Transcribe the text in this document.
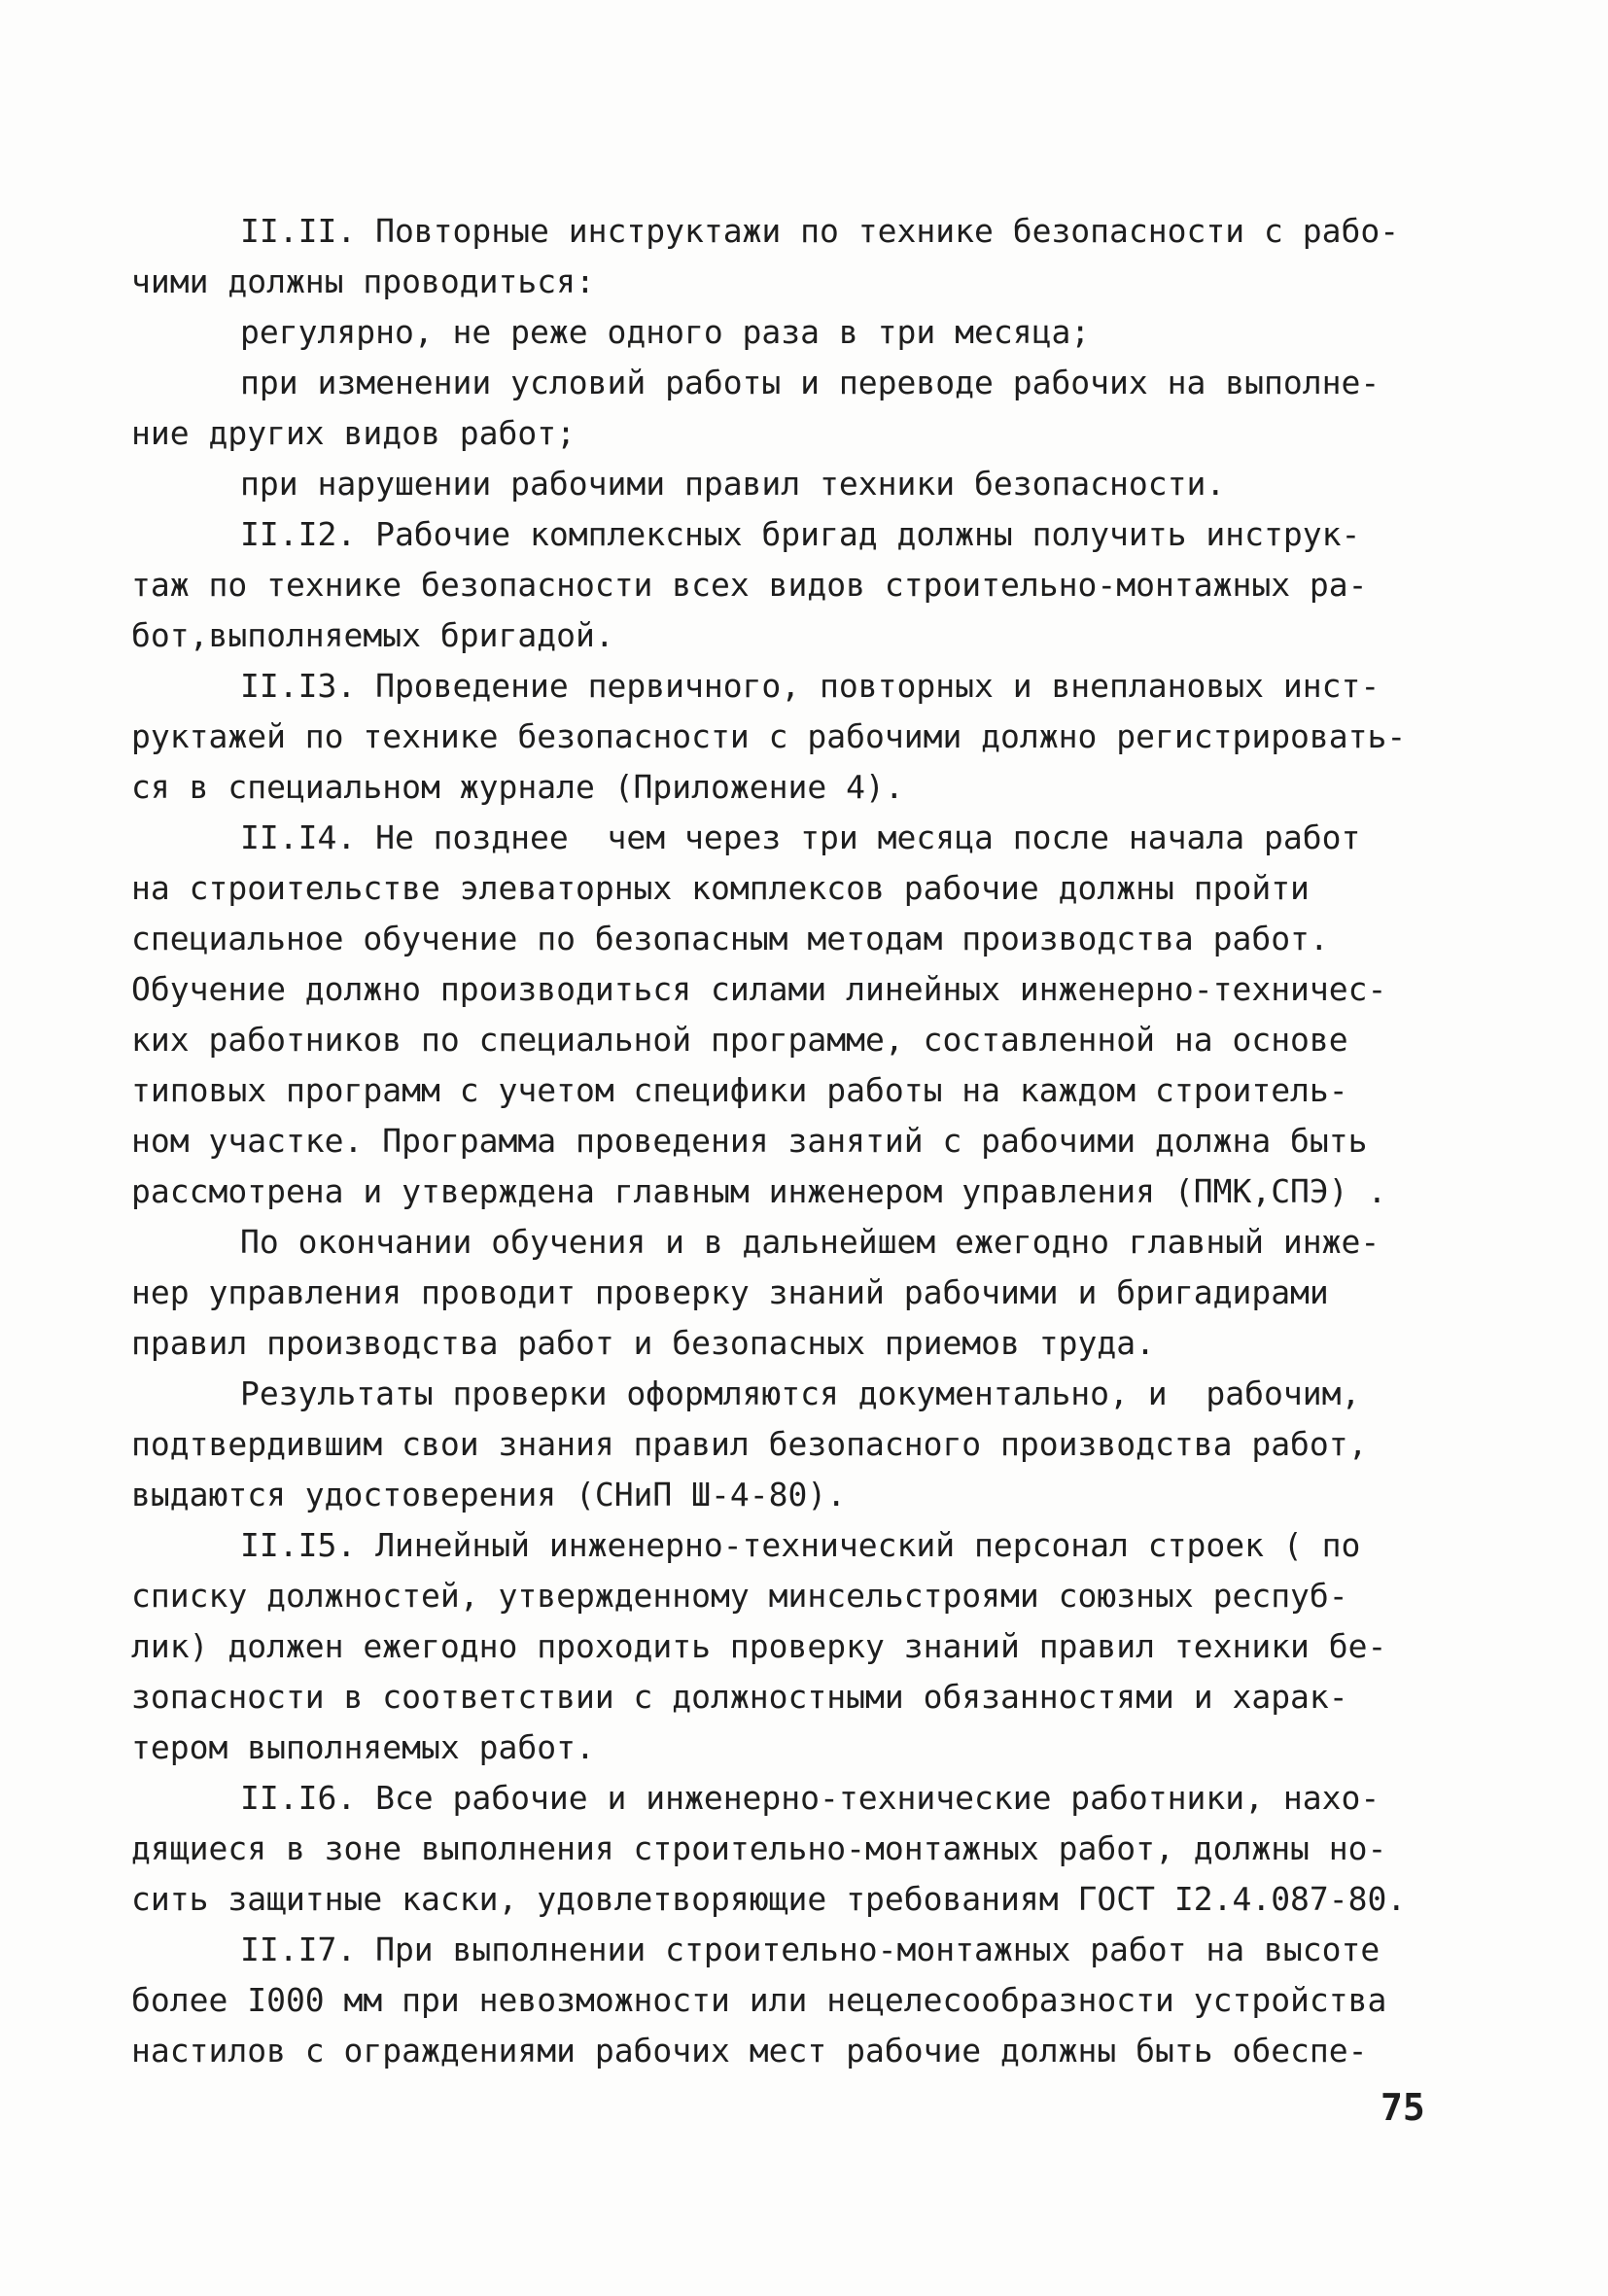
II.II. Повторные инструктажи по технике безопасности с рабо-
чими должны проводиться:
регулярно, не реже одного раза в три месяца;
при изменении условий работы и переводе рабочих на выполне-
ние других видов работ;
при нарушении рабочими правил техники безопасности.
II.I2. Рабочие комплексных бригад должны получить инструк-
таж по технике безопасности всех видов строительно-монтажных ра-
бот,выполняемых бригадой.
II.I3. Проведение первичного, повторных и внеплановых инст-
руктажей по технике безопасности с рабочими должно регистрировать-
ся в специальном журнале (Приложение 4).
II.I4. Не позднее  чем через три месяца после начала работ
на строительстве элеваторных комплексов рабочие должны пройти
специальное обучение по безопасным методам производства работ.
Обучение должно производиться силами линейных инженерно-техничес-
ких работников по специальной программе, составленной на основе
типовых программ с учетом специфики работы на каждом строитель-
ном участке. Программа проведения занятий с рабочими должна быть
рассмотрена и утверждена главным инженером управления (ПМК,СПЭ) .
По окончании обучения и в дальнейшем ежегодно главный инже-
нер управления проводит проверку знаний рабочими и бригадирами
правил производства работ и безопасных приемов труда.
Результаты проверки оформляются документально, и  рабочим,
подтвердившим свои знания правил безопасного производства работ,
выдаются удостоверения (СНиП Ш-4-80).
II.I5. Линейный инженерно-технический персонал строек ( по
списку должностей, утвержденному минсельстроями союзных респуб-
лик) должен ежегодно проходить проверку знаний правил техники бе-
зопасности в соответствии с должностными обязанностями и харак-
тером выполняемых работ.
II.I6. Все рабочие и инженерно-технические работники, нахо-
дящиеся в зоне выполнения строительно-монтажных работ, должны но-
сить защитные каски, удовлетворяющие требованиям ГОСТ I2.4.087-80.
II.I7. При выполнении строительно-монтажных работ на высоте
более I000 мм при невозможности или нецелесообразности устройства
настилов с ограждениями рабочих мест рабочие должны быть обеспе-
75
